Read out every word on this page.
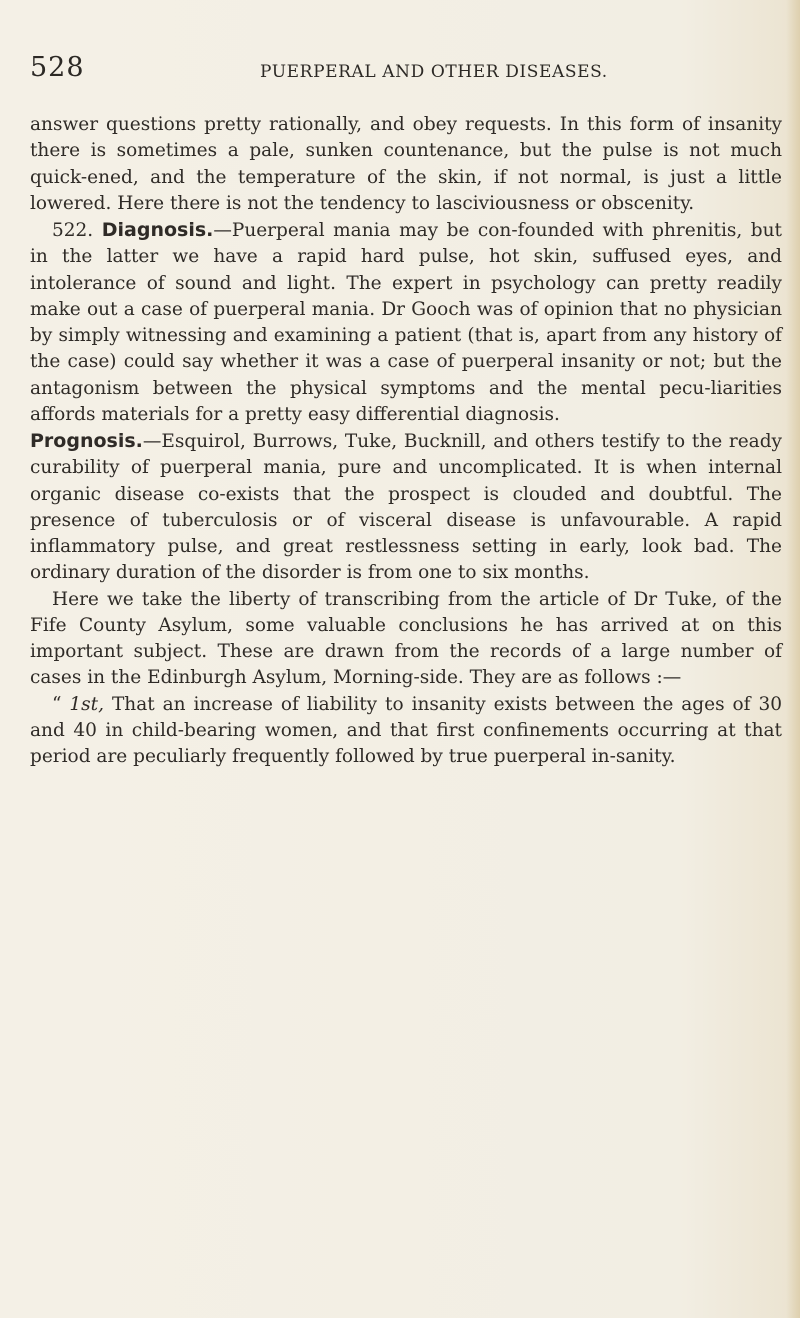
528	PUERPERAL AND OTHER DISEASES.

answer questions pretty rationally, and obey requests. In this form of insanity there is sometimes a pale, sunken countenance, but the pulse is not much quick-ened, and the temperature of the skin, if not normal, is just a little lowered. Here there is not the tendency to lasciviousness or obscenity.

522. Diagnosis.—Puerperal mania may be con-founded with phrenitis, but in the latter we have a rapid hard pulse, hot skin, suffused eyes, and intolerance of sound and light. The expert in psychology can pretty readily make out a case of puerperal mania. Dr Gooch was of opinion that no physician by simply witnessing and examining a patient (that is, apart from any history of the case) could say whether it was a case of puerperal insanity or not; but the antagonism between the physical symptoms and the mental pecu-liarities affords materials for a pretty easy differential diagnosis.

Prognosis.—Esquirol, Burrows, Tuke, Bucknill, and others testify to the ready curability of puerperal mania, pure and uncomplicated. It is when internal organic disease co-exists that the prospect is clouded and doubtful. The presence of tuberculosis or of visceral disease is unfavourable. A rapid inflammatory pulse, and great restlessness setting in early, look bad. The ordinary duration of the disorder is from one to six months.

Here we take the liberty of transcribing from the article of Dr Tuke, of the Fife County Asylum, some valuable conclusions he has arrived at on this important subject. These are drawn from the records of a large number of cases in the Edinburgh Asylum, Morning-side. They are as follows :—

“ 1st, That an increase of liability to insanity exists between the ages of 30 and 40 in child-bearing women, and that first confinements occurring at that period are peculiarly frequently followed by true puerperal in-sanity.
